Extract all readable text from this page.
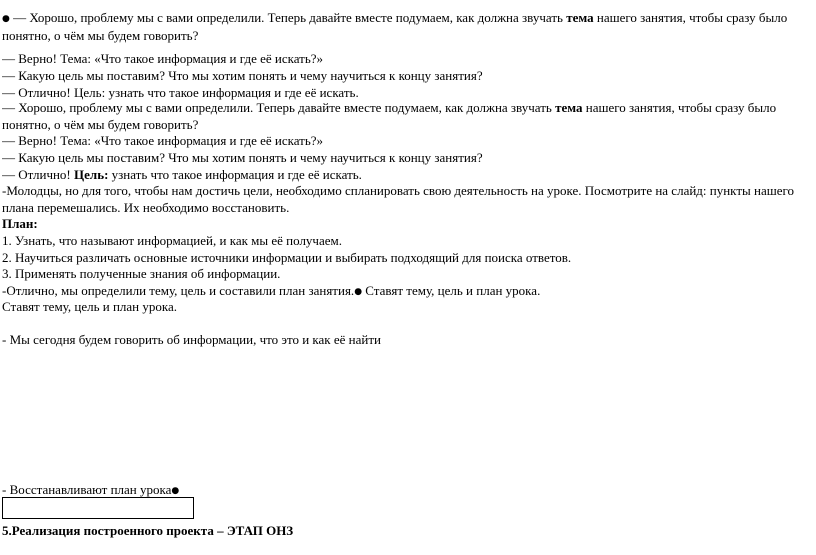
● — Хорошо, проблему мы с вами определили. Теперь давайте вместе подумаем, как должна звучать тема нашего занятия, чтобы сразу было понятно, о чём мы будем говорить?
— Верно! Тема: «Что такое информация и где её искать?»
— Какую цель мы поставим? Что мы хотим понять и чему научиться к концу занятия?
— Отлично! Цель: узнать что такое информация и где её искать.
— Хорошо, проблему мы с вами определили. Теперь давайте вместе подумаем, как должна звучать тема нашего занятия, чтобы сразу было понятно, о чём мы будем говорить?
— Верно! Тема: «Что такое информация и где её искать?»
— Какую цель мы поставим? Что мы хотим понять и чему научиться к концу занятия?
— Отлично! Цель: узнать что такое информация и где её искать.
-Молодцы, но для того, чтобы нам достичь цели, необходимо спланировать свою деятельность на уроке. Посмотрите на слайд: пункты нашего плана перемешались. Их необходимо восстановить.
План:
1. Узнать, что называют информацией, и как мы её получаем.
2. Научиться различать основные источники информации и выбирать подходящий для поиска ответов.
3. Применять полученные знания об информации.
-Отлично, мы определили тему, цель и составили план занятия.● Ставят тему, цель и план урока.
Ставят тему, цель и план урока.
- Мы сегодня будем говорить об информации, что это и как её найти
- Восстанавливают план урока●
5.Реализация построенного проекта – ЭТАП ОНЗ
